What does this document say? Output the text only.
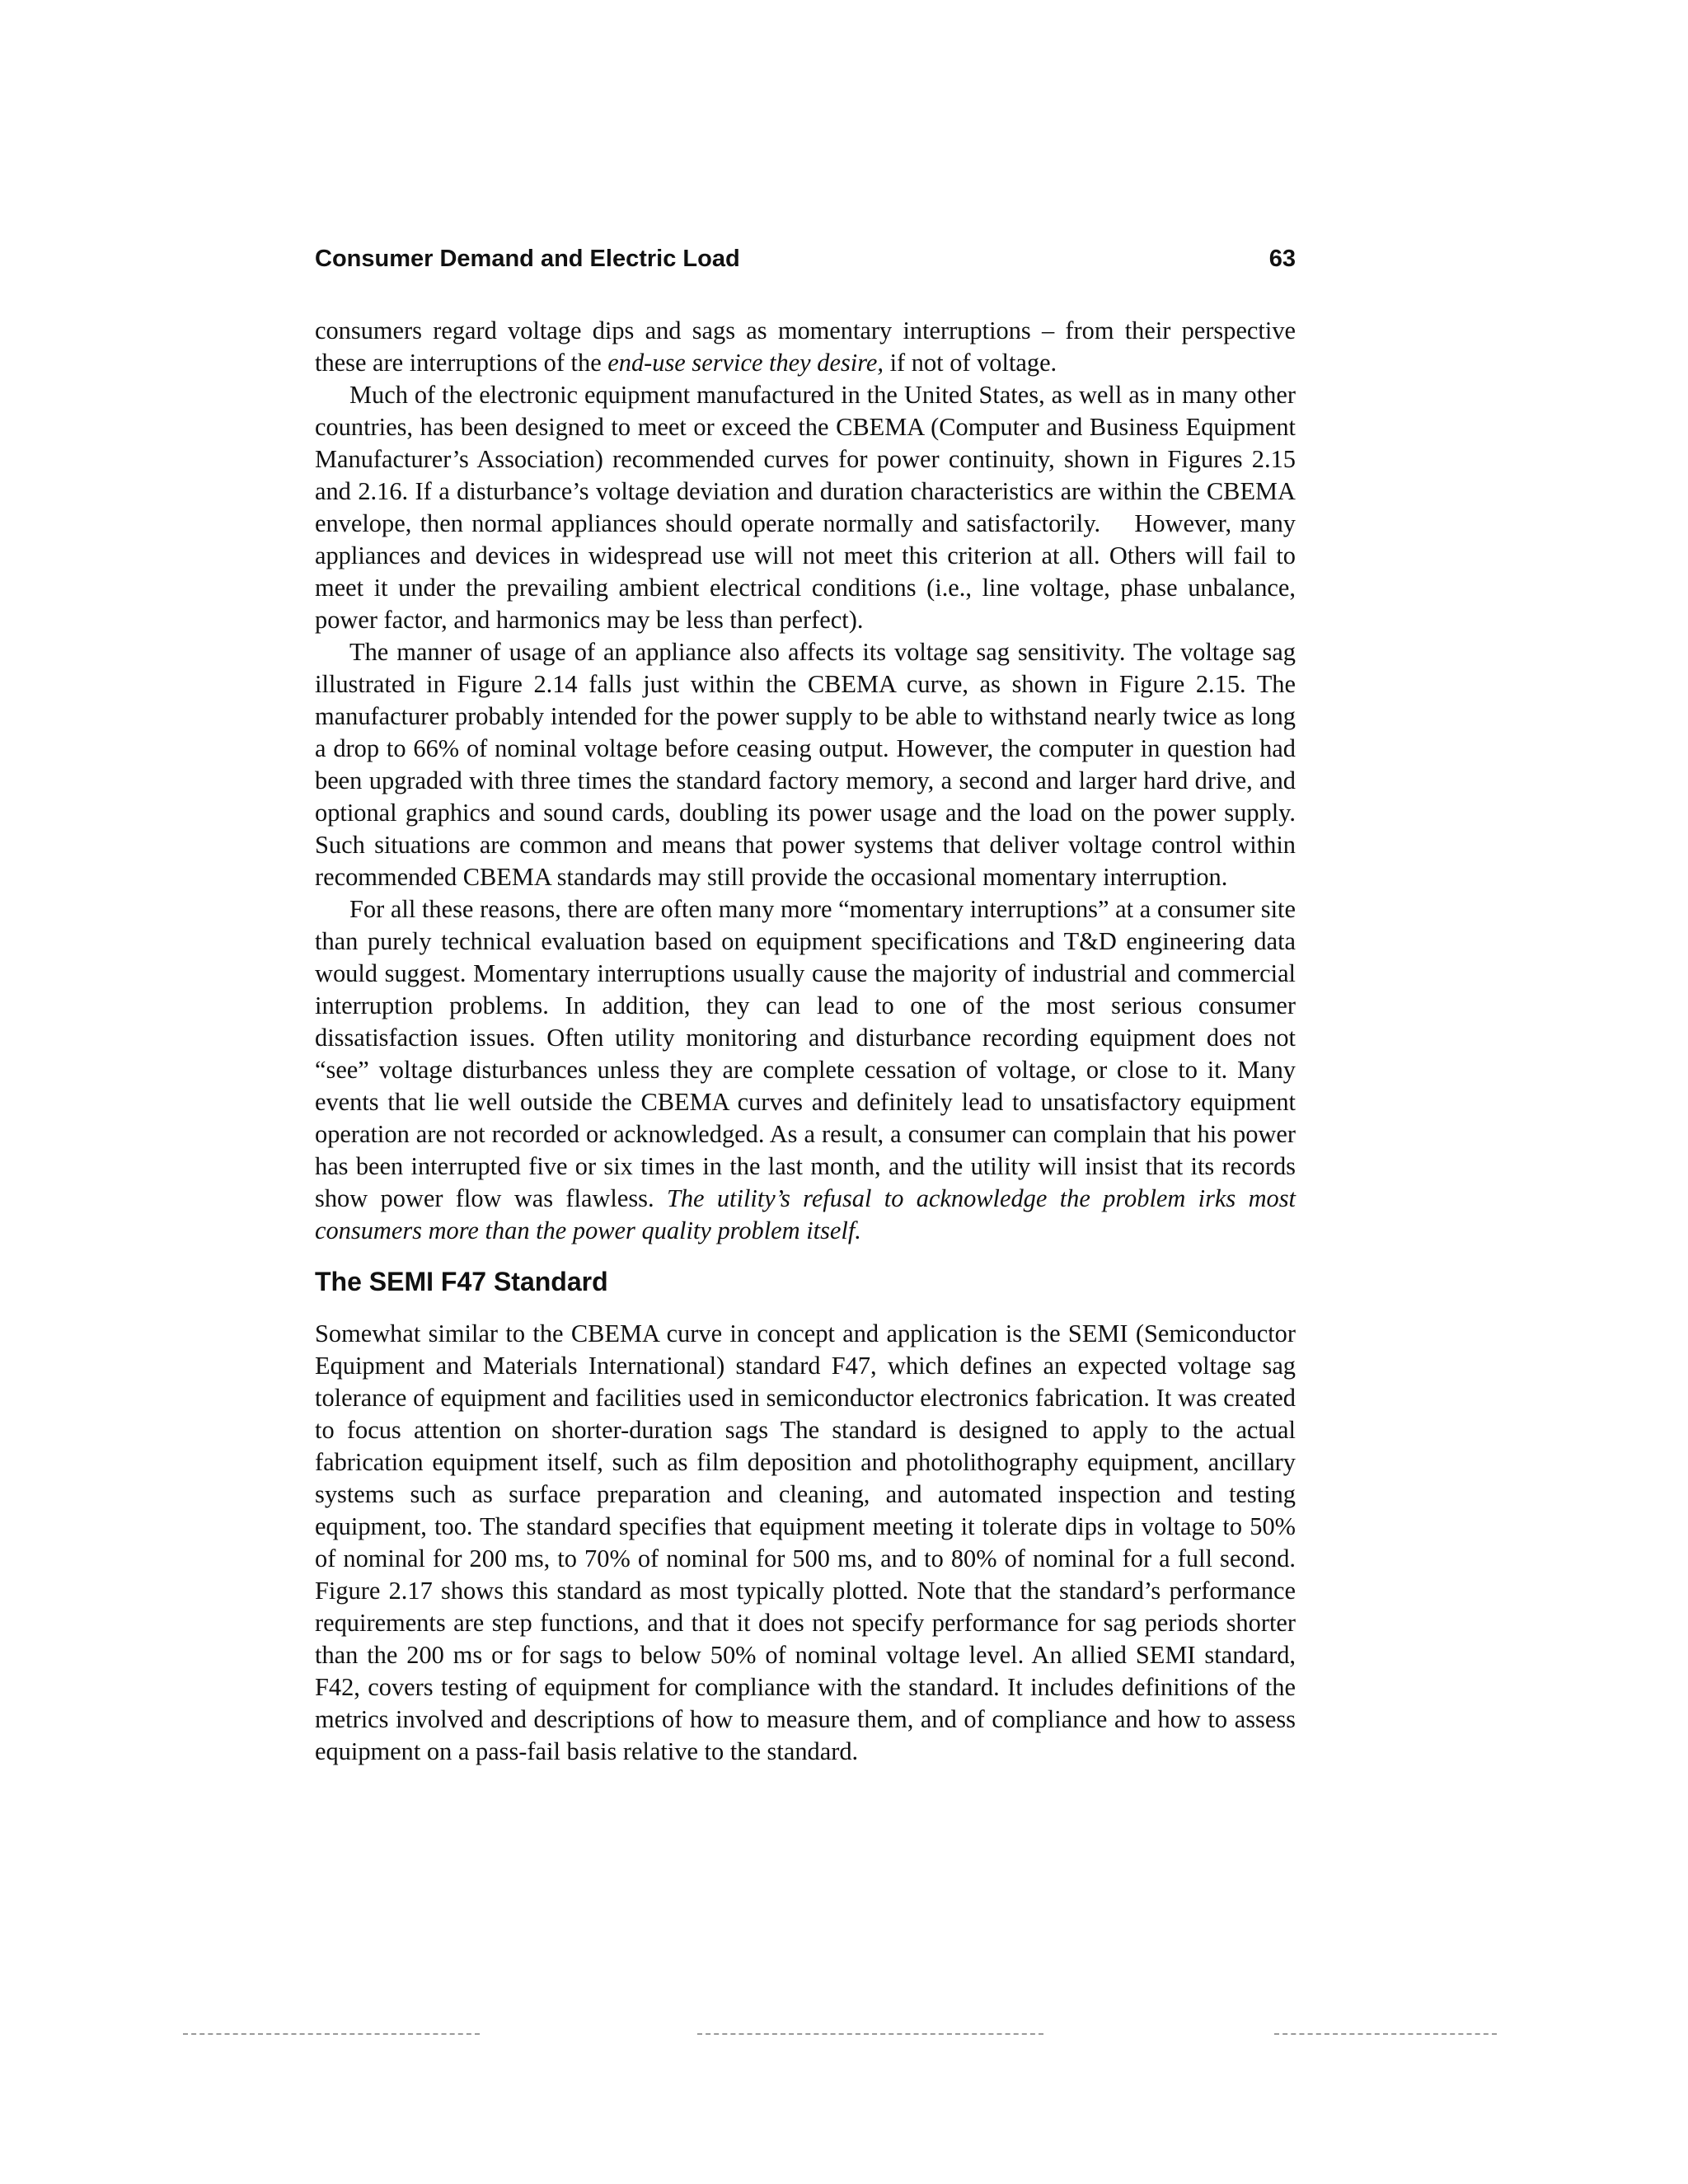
Consumer Demand and Electric Load	63

consumers regard voltage dips and sags as momentary interruptions – from their perspective these are interruptions of the end-use service they desire, if not of voltage.

Much of the electronic equipment manufactured in the United States, as well as in many other countries, has been designed to meet or exceed the CBEMA (Computer and Business Equipment Manufacturer’s Association) recommended curves for power continuity, shown in Figures 2.15 and 2.16. If a disturbance’s voltage deviation and duration characteristics are within the CBEMA envelope, then normal appliances should operate normally and satisfactorily.    However, many appliances and devices in widespread use will not meet this criterion at all. Others will fail to meet it under the prevailing ambient electrical conditions (i.e., line voltage, phase unbalance, power factor, and harmonics may be less than perfect).

The manner of usage of an appliance also affects its voltage sag sensitivity. The voltage sag illustrated in Figure 2.14 falls just within the CBEMA curve, as shown in Figure 2.15. The manufacturer probably intended for the power supply to be able to withstand nearly twice as long a drop to 66% of nominal voltage before ceasing output. However, the computer in question had been upgraded with three times the standard factory memory, a second and larger hard drive, and optional graphics and sound cards, doubling its power usage and the load on the power supply. Such situations are common and means that power systems that deliver voltage control within recommended CBEMA standards may still provide the occasional momentary interruption.

For all these reasons, there are often many more “momentary interruptions” at a consumer site than purely technical evaluation based on equipment specifications and T&D engineering data would suggest. Momentary interruptions usually cause the majority of industrial and commercial interruption problems. In addition, they can lead to one of the most serious consumer dissatisfaction issues. Often utility monitoring and disturbance recording equipment does not “see” voltage disturbances unless they are complete cessation of voltage, or close to it. Many events that lie well outside the CBEMA curves and definitely lead to unsatisfactory equipment operation are not recorded or acknowledged. As a result, a consumer can complain that his power has been interrupted five or six times in the last month, and the utility will insist that its records show power flow was flawless. The utility’s refusal to acknowledge the problem irks most consumers more than the power quality problem itself.

The SEMI F47 Standard

Somewhat similar to the CBEMA curve in concept and application is the SEMI (Semiconductor Equipment and Materials International) standard F47, which defines an expected voltage sag tolerance of equipment and facilities used in semiconductor electronics fabrication. It was created to focus attention on shorter-duration sags The standard is designed to apply to the actual fabrication equipment itself, such as film deposition and photolithography equipment, ancillary systems such as surface preparation and cleaning, and automated inspection and testing equipment, too. The standard specifies that equipment meeting it tolerate dips in voltage to 50% of nominal for 200 ms, to 70% of nominal for 500 ms, and to 80% of nominal for a full second. Figure 2.17 shows this standard as most typically plotted. Note that the standard’s performance requirements are step functions, and that it does not specify performance for sag periods shorter than the 200 ms or for sags to below 50% of nominal voltage level. An allied SEMI standard, F42, covers testing of equipment for compliance with the standard. It includes definitions of the metrics involved and descriptions of how to measure them, and of compliance and how to assess equipment on a pass-fail basis relative to the standard.
